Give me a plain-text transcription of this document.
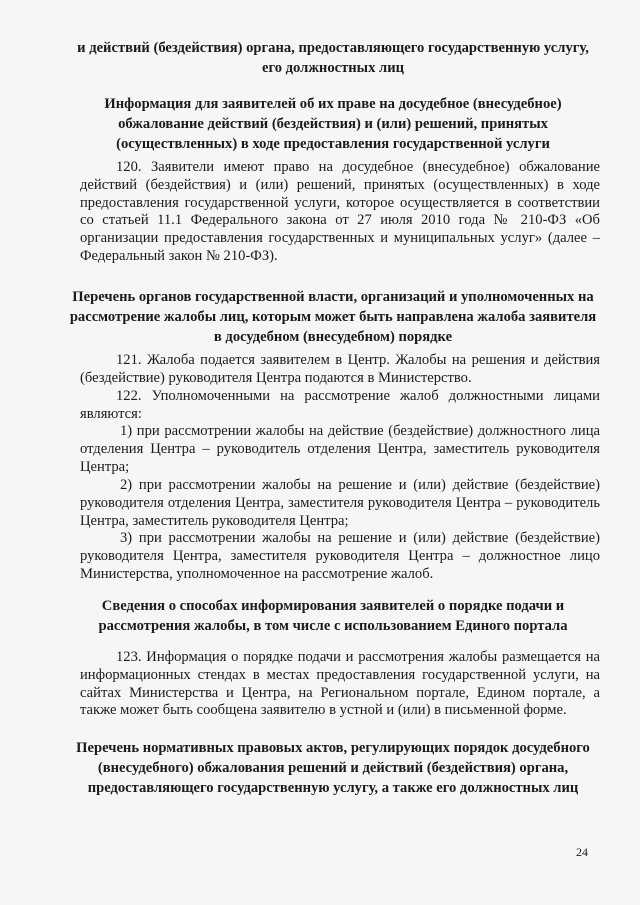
и действий (бездействия) органа, предоставляющего государственную услугу, его должностных лиц
Информация для заявителей об их праве на досудебное (внесудебное) обжалование действий (бездействия) и (или) решений, принятых (осуществленных) в ходе предоставления государственной услуги

120. Заявители имеют право на досудебное (внесудебное) обжалование действий (бездействия) и (или) решений, принятых (осуществленных) в ходе предоставления государственной услуги, которое осуществляется в соответствии со статьей 11.1 Федерального закона от 27 июля 2010 года № 210-ФЗ «Об организации предоставления государственных и муниципальных услуг» (далее – Федеральный закон № 210-ФЗ).

Перечень органов государственной власти, организаций и уполномоченных на рассмотрение жалобы лиц, которым может быть направлена жалоба заявителя в досудебном (внесудебном) порядке

121. Жалоба подается заявителем в Центр. Жалобы на решения и действия (бездействие) руководителя Центра подаются в Министерство.

122. Уполномоченными на рассмотрение жалоб должностными лицами являются:

1) при рассмотрении жалобы на действие (бездействие) должностного лица отделения Центра – руководитель отделения Центра, заместитель руководителя Центра;

2) при рассмотрении жалобы на решение и (или) действие (бездействие) руководителя отделения Центра, заместителя руководителя Центра – руководитель Центра, заместитель руководителя Центра;

3) при рассмотрении жалобы на решение и (или) действие (бездействие) руководителя Центра, заместителя руководителя Центра – должностное лицо Министерства, уполномоченное на рассмотрение жалоб.

Сведения о способах информирования заявителей о порядке подачи и рассмотрения жалобы, в том числе с использованием Единого портала

123. Информация о порядке подачи и рассмотрения жалобы размещается на информационных стендах в местах предоставления государственной услуги, на сайтах Министерства и Центра, на Региональном портале, Едином портале, а также может быть сообщена заявителю в устной и (или) в письменной форме.

Перечень нормативных правовых актов, регулирующих порядок досудебного (внесудебного) обжалования решений и действий (бездействия) органа, предоставляющего государственную услугу, а также его должностных лиц
24
